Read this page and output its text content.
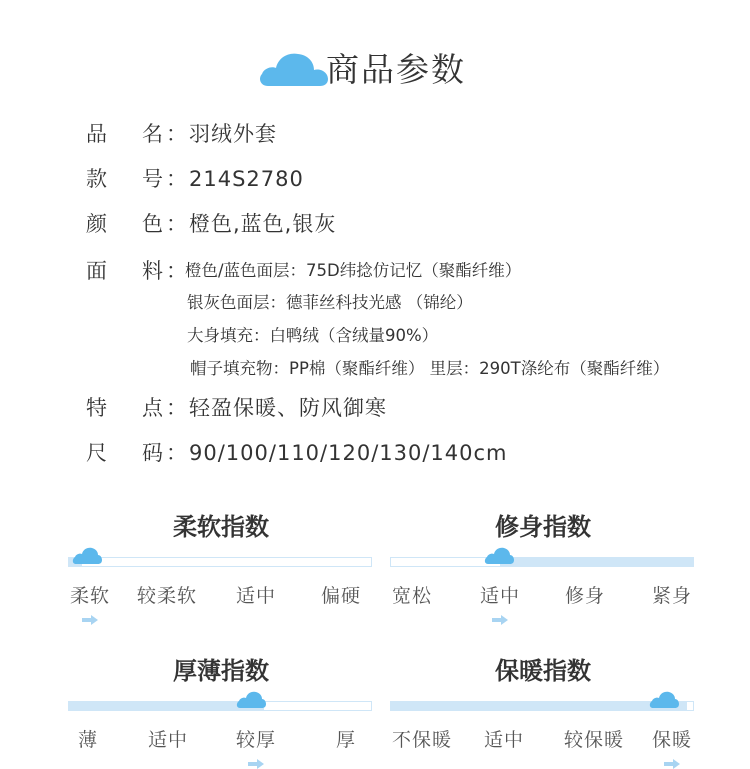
商品参数
品 名 ： 羽绒外套
款 号 ： 214S2780
颜 色 ： 橙色,蓝色,银灰
面 料 ：
橙色/蓝色面层：75D纬捻仿记忆（聚酯纤维）
银灰色面层：德菲丝科技光感 （锦纶）
大身填充：白鸭绒（含绒量90%）
帽子填充物：PP棉（聚酯纤维） 里层：290T涤纶布（聚酯纤维）
特 点 ： 轻盈保暖、防风御寒
尺 码 ： 90/100/110/120/130/140cm
柔软指数
柔软 较柔软 适中 偏硬
修身指数
宽松	适中 修身 紧身
厚薄指数
薄	适中	较厚	厚
保暖指数
不保暖 适中 较保暖 保暖
